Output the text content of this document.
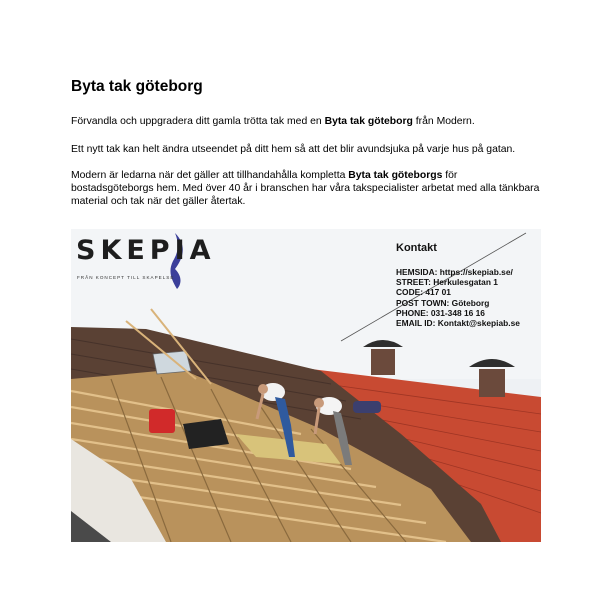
Byta tak göteborg

Förvandla och uppgradera ditt gamla trötta tak med en Byta tak göteborg från Modern.

Ett nytt tak kan helt ändra utseendet på ditt hem så att det blir avundsjuka på varje hus på gatan.

Modern är ledarna när det gäller att tillhandahålla kompletta Byta tak göteborgs för bostadsgöteborgs hem. Med över 40 år i branschen har våra takspecialister arbetat med alla tänkbara material och tak när det gäller återtak.

SKEPIA
FRÅN KONCEPT TILL SKAPELSE
Kontakt
HEMSIDA: https://skepiab.se/
STREET: Herkulesgatan 1
CODE: 417 01
POST TOWN: Göteborg
PHONE: 031-348 16 16
EMAIL ID: Kontakt@skepiab.se
